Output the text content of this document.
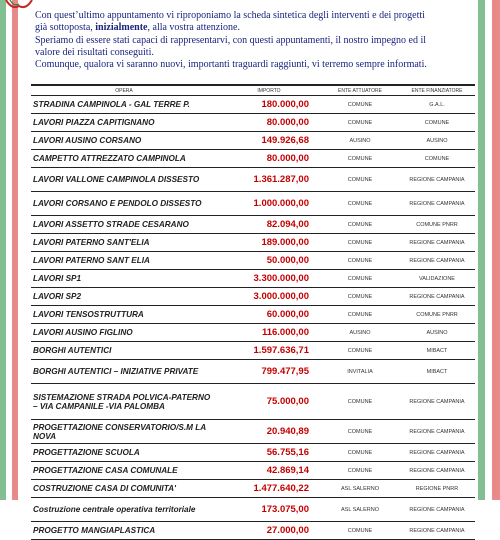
Con quest’ultimo appuntamento vi riproponiamo la scheda sintetica degli interventi e dei progetti

già sottoposta, inizialmente, alla vostra attenzione.

Speriamo di essere stati capaci di rappresentarvi, con questi appuntamenti, il nostro impegno ed il

valore dei risultati conseguiti.

Comunque, qualora vi saranno nuovi, importanti traguardi raggiunti, vi terremo sempre informati.

OPERA	IMPORTO	ENTE ATTUATORE	ENTE FINANZIATORE
STRADINA CAMPINOLA - GAL TERRE P.	180.000,00	COMUNE	G.A.L.
LAVORI PIAZZA CAPITIGNANO	80.000,00	COMUNE	COMUNE
LAVORI AUSINO CORSANO	149.926,68	AUSINO	AUSINO
CAMPETTO ATTREZZATO CAMPINOLA	80.000,00	COMUNE	COMUNE
LAVORI VALLONE CAMPINOLA DISSESTO	1.361.287,00	COMUNE	REGIONE CAMPANIA
LAVORI CORSANO E PENDOLO DISSESTO	1.000.000,00	COMUNE	REGIONE CAMPANIA
LAVORI ASSETTO STRADE CESARANO	82.094,00	COMUNE	COMUNE PNRR
LAVORI PATERNO SANT'ELIA	189.000,00	COMUNE	REGIONE CAMPANIA
LAVORI PATERNO SANT ELIA	50.000,00	COMUNE	REGIONE CAMPANIA
LAVORI SP1	3.300.000,00	COMUNE	VALIDAZIONE
LAVORI SP2	3.000.000,00	COMUNE	REGIONE CAMPANIA
LAVORI TENSOSTRUTTURA	60.000,00	COMUNE	COMUNE PNRR
LAVORI AUSINO FIGLINO	116.000,00	AUSINO	AUSINO
BORGHI AUTENTICI	1.597.636,71	COMUNE	MIBACT
BORGHI AUTENTICI – INIZIATIVE PRIVATE	799.477,95	INVITALIA	MIBACT
SISTEMAZIONE STRADA POLVICA-PATERNO – VIA CAMPANILE -VIA PALOMBA	75.000,00	COMUNE	REGIONE CAMPANIA
PROGETTAZIONE CONSERVATORIO/S.M LA NOVA	20.940,89	COMUNE	REGIONE CAMPANIA
PROGETTAZIONE SCUOLA	56.755,16	COMUNE	REGIONE CAMPANIA
PROGETTAZIONE CASA COMUNALE	42.869,14	COMUNE	REGIONE CAMPANIA
COSTRUZIONE CASA DI COMUNITA'	1.477.640,22	ASL SALERNO	REGIONE PNRR
Costruzione centrale operativa territoriale	173.075,00	ASL SALERNO	REGIONE CAMPANIA
PROGETTO MANGIAPLASTICA	27.000,00	COMUNE	REGIONE CAMPANIA
